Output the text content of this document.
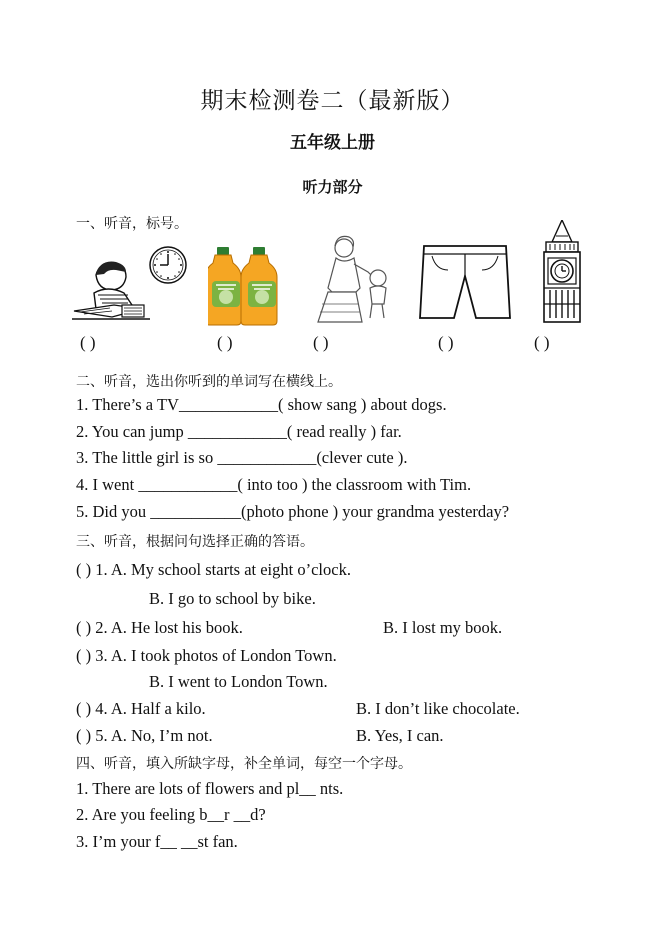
期末检测卷二（最新版）
五年级上册
听力部分
一、听音，标号。
( )	( )	( )	( )	( )
二、听音，选出你听到的单词写在横线上。
1. There’s a TV____________( show sang ) about dogs.
2. You can jump ____________( read really ) far.
3. The little girl is so ____________(clever cute ).
4. I went ____________( into too ) the classroom with Tim.
5. Did you ___________(photo phone ) your grandma yesterday?
三、听音，根据问句选择正确的答语。
( ) 1. A. My school starts at eight o’clock.
B. I go to school by bike.
( ) 2. A. He lost his book.	B. I lost my book.
( ) 3. A. I took photos of London Town.
B. I went to London Town.
( ) 4. A. Half a kilo.	B. I don’t like chocolate.
( ) 5. A. No, I’m not.	B. Yes, I can.
四、听音，填入所缺字母，补全单词，每空一个字母。
1. There are lots of flowers and pl__ nts.
2. Are you feeling b__r __d?
3. I’m your f__ __st fan.
